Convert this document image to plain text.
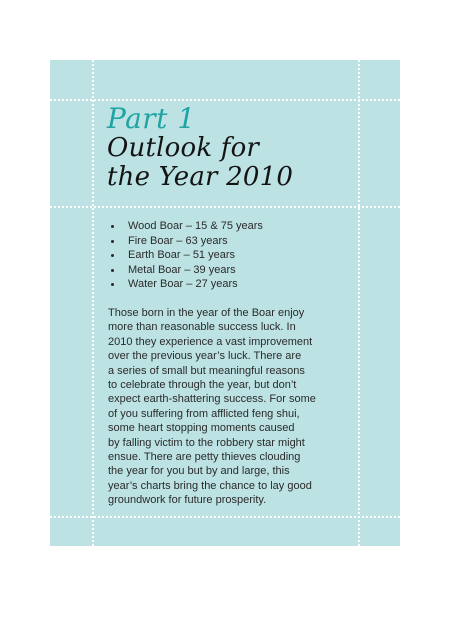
Part 1
Outlook for
the Year 2010
Wood Boar – 15 & 75 years
Fire Boar – 63 years
Earth Boar – 51 years
Metal Boar – 39 years
Water Boar – 27 years

Those born in the year of the Boar enjoy
more than reasonable success luck. In
2010 they experience a vast improvement
over the previous year’s luck. There are
a series of small but meaningful reasons
to celebrate through the year, but don’t
expect earth-shattering success. For some
of you suffering from afflicted feng shui,
some heart stopping moments caused
by falling victim to the robbery star might
ensue. There are petty thieves clouding
the year for you but by and large, this
year’s charts bring the chance to lay good
groundwork for future prosperity.
